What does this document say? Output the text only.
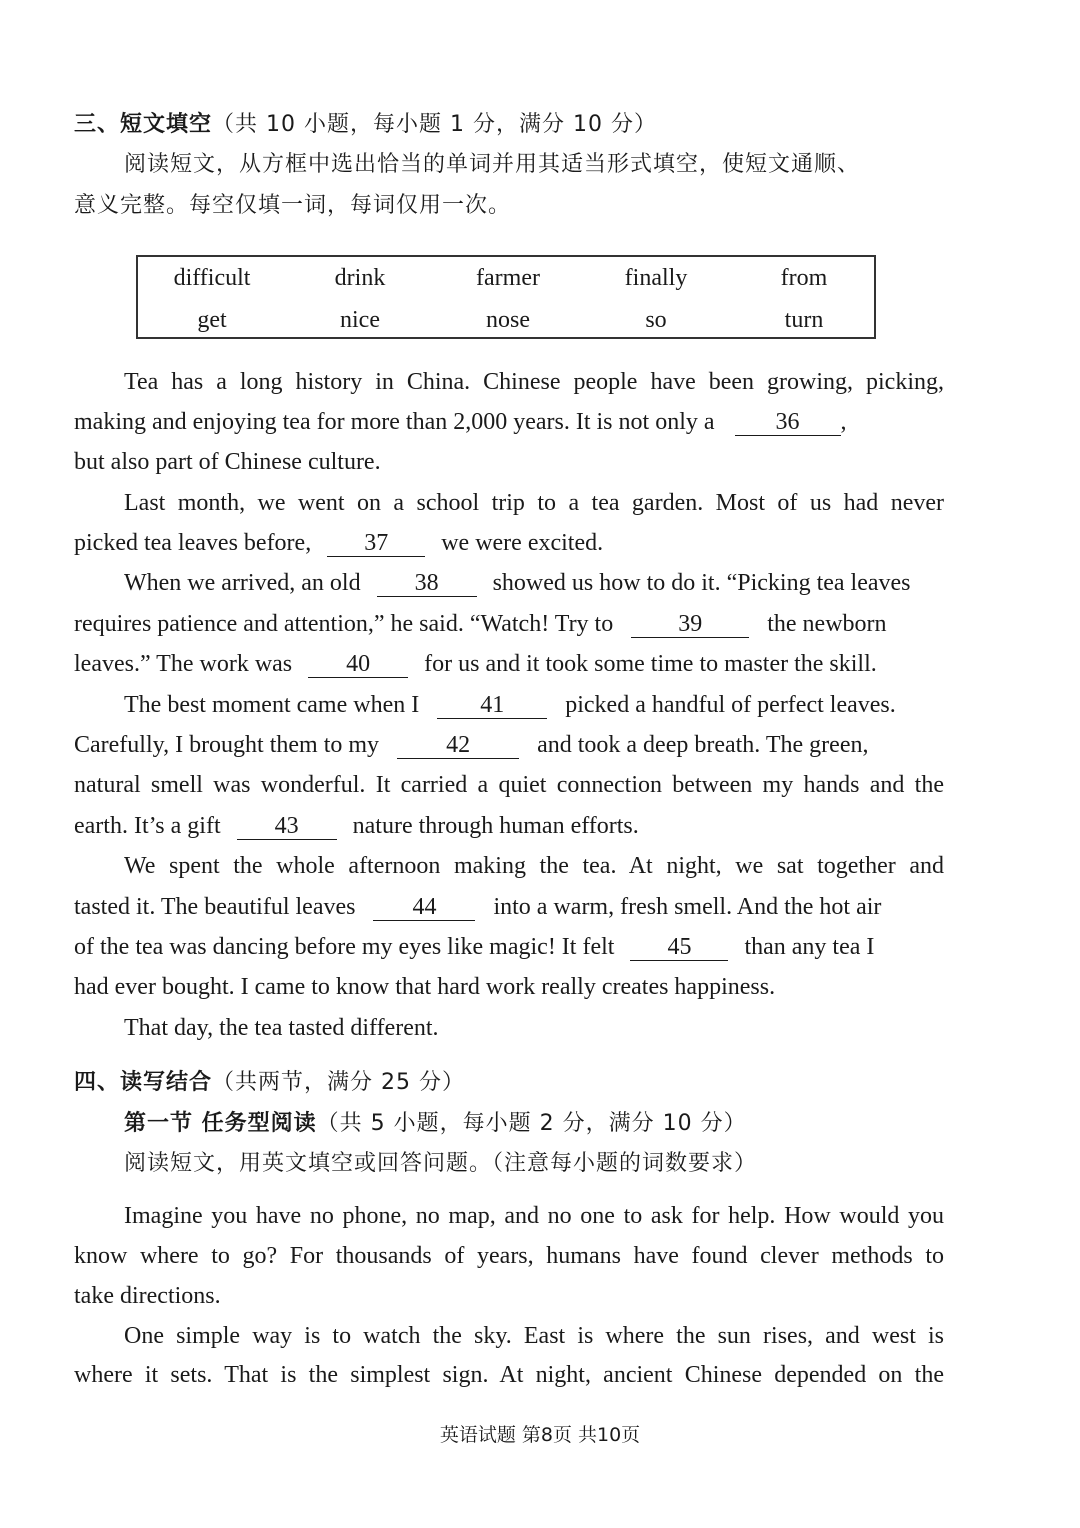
三、短文填空（共 10 小题，每小题 1 分，满分 10 分）
阅读短文，从方框中选出恰当的单词并用其适当形式填空，使短文通顺、
意义完整。每空仅填一词，每词仅用一次。
difficult	drink	farmer	finally	from
get	nice	nose	so	turn
Tea has a long history in China. Chinese people have been growing, picking,
making and enjoying tea for more than 2,000 years. It is not only a	36 ,
but also part of Chinese culture.
Last month, we went on a school trip to a tea garden. Most of us had never
picked tea leaves before, 37 we were excited.
When we arrived, an old 38 showed us how to do it. “Picking tea leaves
requires patience and attention,” he said. “Watch! Try to	39	the newborn
leaves.” The work was 40 for us and it took some time to master the skill.
The best moment came when I	41	picked a handful of perfect leaves.
Carefully, I brought them to my	42	and took a deep breath. The green,
natural smell was wonderful. It carried a quiet connection between my hands and the
earth. It’s a gift 43 nature through human efforts.
We spent the whole afternoon making the tea. At night, we sat together and
tasted it. The beautiful leaves 44 into a warm, fresh smell. And the hot air
of the tea was dancing before my eyes like magic! It felt 45 than any tea I
had ever bought. I came to know that hard work really creates happiness.
That day, the tea tasted different.
四、读写结合（共两节，满分 25 分）
第一节 任务型阅读（共 5 小题，每小题 2 分，满分 10 分）
阅读短文，用英文填空或回答问题。（注意每小题的词数要求）
Imagine you have no phone, no map, and no one to ask for help. How would you
know where to go? For thousands of years, humans have found clever methods to
take directions.
One simple way is to watch the sky. East is where the sun rises, and west is
where it sets. That is the simplest sign. At night, ancient Chinese depended on the
英语试题 第8页 共10页
